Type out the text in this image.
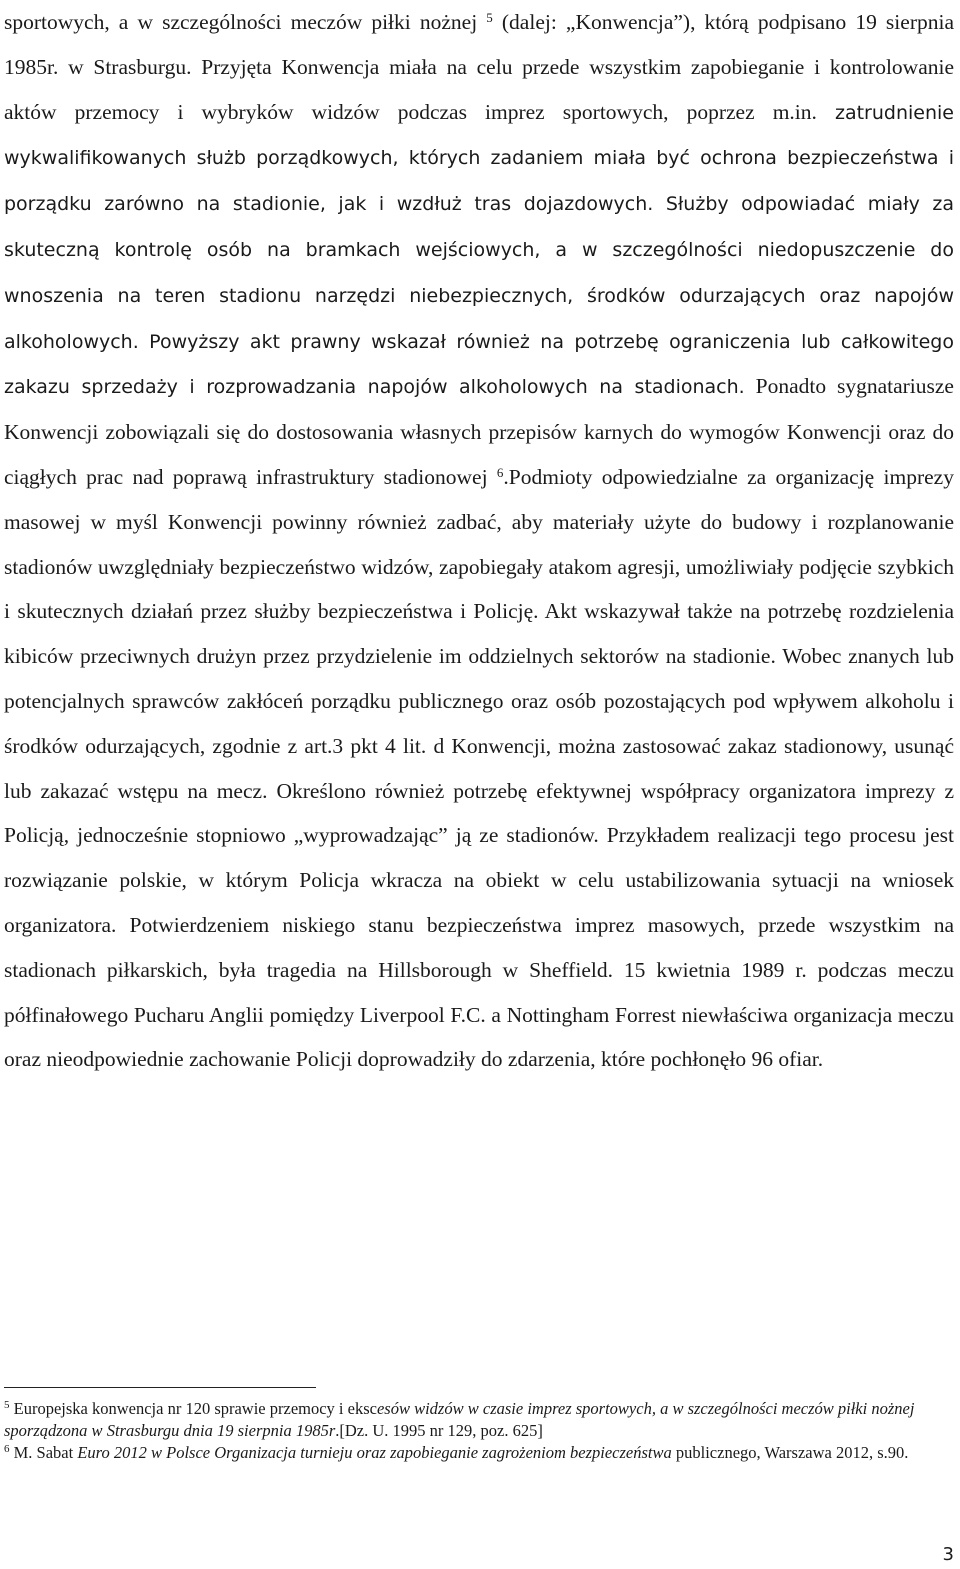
sportowych, a w szczególności meczów piłki nożnej $^5$ (dalej: „Konwencja”), którą podpisano 19 sierpnia 1985r. w Strasburgu. Przyjęta Konwencja miała na celu przede wszystkim zapobieganie i kontrolowanie aktów przemocy i wybryków widzów podczas imprez sportowych, poprzez m.in. zatrudnienie wykwalifikowanych służb porządkowych, których zadaniem miała być ochrona bezpieczeństwa i porządku zarówno na stadionie, jak i wzdłuż tras dojazdowych. Służby odpowiadać miały za skuteczną kontrolę osób na bramkach wejściowych, a w szczególności niedopuszczenie do wnoszenia na teren stadionu narzędzi niebezpiecznych, środków odurzających oraz napojów alkoholowych. Powyższy akt prawny wskazał również na potrzebę ograniczenia lub całkowitego zakazu sprzedaży i rozprowadzania napojów alkoholowych na stadionach. Ponadto sygnatariusze Konwencji zobowiązali się do dostosowania własnych przepisów karnych do wymogów Konwencji oraz do ciągłych prac nad poprawą infrastruktury stadionowej $^6$.Podmioty odpowiedzialne za organizację imprezy masowej w myśl Konwencji powinny również zadbać, aby materiały użyte do budowy i rozplanowanie stadionów uwzględniały bezpieczeństwo widzów, zapobiegały atakom agresji, umożliwiały podjęcie szybkich i skutecznych działań przez służby bezpieczeństwa i Policję. Akt wskazywał także na potrzebę rozdzielenia kibiców przeciwnych drużyn przez przydzielenie im oddzielnych sektorów na stadionie. Wobec znanych lub potencjalnych sprawców zakłóceń porządku publicznego oraz osób pozostających pod wpływem alkoholu i środków odurzających, zgodnie z art.3 pkt 4 lit. d Konwencji, można zastosować zakaz stadionowy, usunąć lub zakazać wstępu na mecz. Określono również potrzebę efektywnej współpracy organizatora imprezy z Policją, jednocześnie stopniowo „wyprowadzając” ją ze stadionów. Przykładem realizacji tego procesu jest rozwiązanie polskie, w którym Policja wkracza na obiekt w celu ustabilizowania sytuacji na wniosek organizatora. Potwierdzeniem niskiego stanu bezpieczeństwa imprez masowych, przede wszystkim na stadionach piłkarskich, była tragedia na Hillsborough w Sheffield. 15 kwietnia 1989 r. podczas meczu półfinałowego Pucharu Anglii pomiędzy Liverpool F.C. a Nottingham Forrest niewłaściwa organizacja meczu oraz nieodpowiednie zachowanie Policji doprowadziły do zdarzenia, które pochłonęło 96 ofiar.

$^5$ Europejska konwencja nr 120 sprawie przemocy i ekscesów widzów w czasie imprez sportowych, a w szczególności meczów piłki nożnej sporządzona w Strasburgu dnia 19 sierpnia 1985r.[Dz. U. 1995 nr 129, poz. 625]

$^6$ M. Sabat Euro 2012 w Polsce Organizacja turnieju oraz zapobieganie zagrożeniom bezpieczeństwa publicznego, Warszawa 2012, s.90.

3
